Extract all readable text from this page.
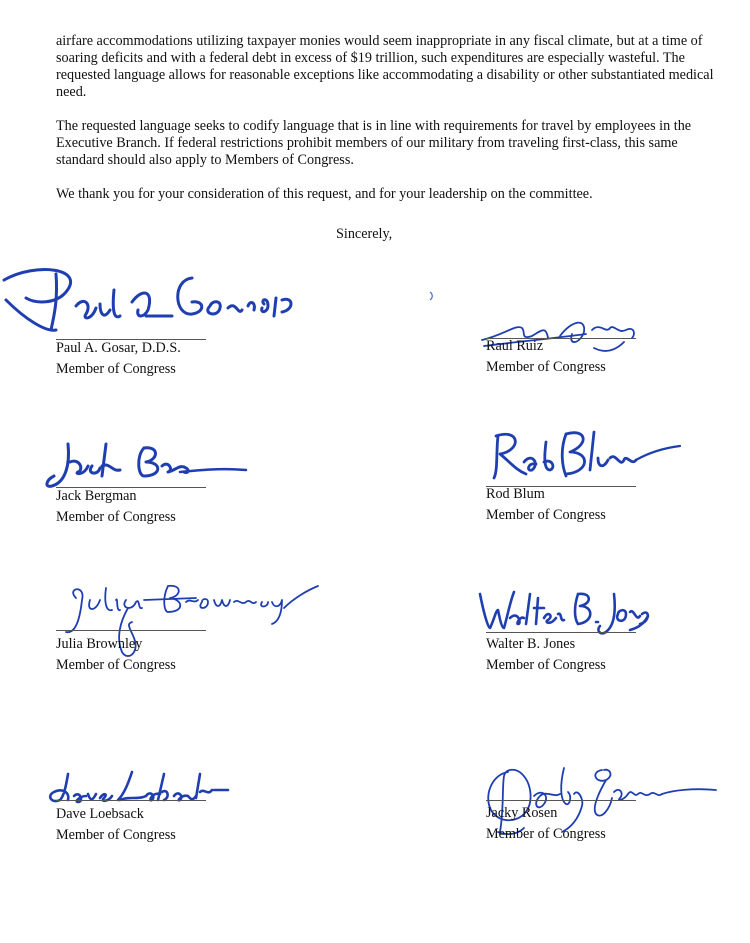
airfare accommodations utilizing taxpayer monies would seem inappropriate in any fiscal climate, but at a time of soaring deficits and with a federal debt in excess of $19 trillion, such expenditures are especially wasteful. The requested language allows for reasonable exceptions like accommodating a disability or other substantiated medical need.

The requested language seeks to codify language that is in line with requirements for travel by employees in the Executive Branch. If federal restrictions prohibit members of our military from traveling first-class, this same standard should also apply to Members of Congress.

We thank you for your consideration of this request, and for your leadership on the committee.

Sincerely,
Paul A. Gosar, D.D.S.
Member of Congress
Raul Ruiz
Member of Congress
Jack Bergman
Member of Congress
Rod Blum
Member of Congress
Julia Brownley
Member of Congress
Walter B. Jones
Member of Congress
Dave Loebsack
Member of Congress
Jacky Rosen
Member of Congress
